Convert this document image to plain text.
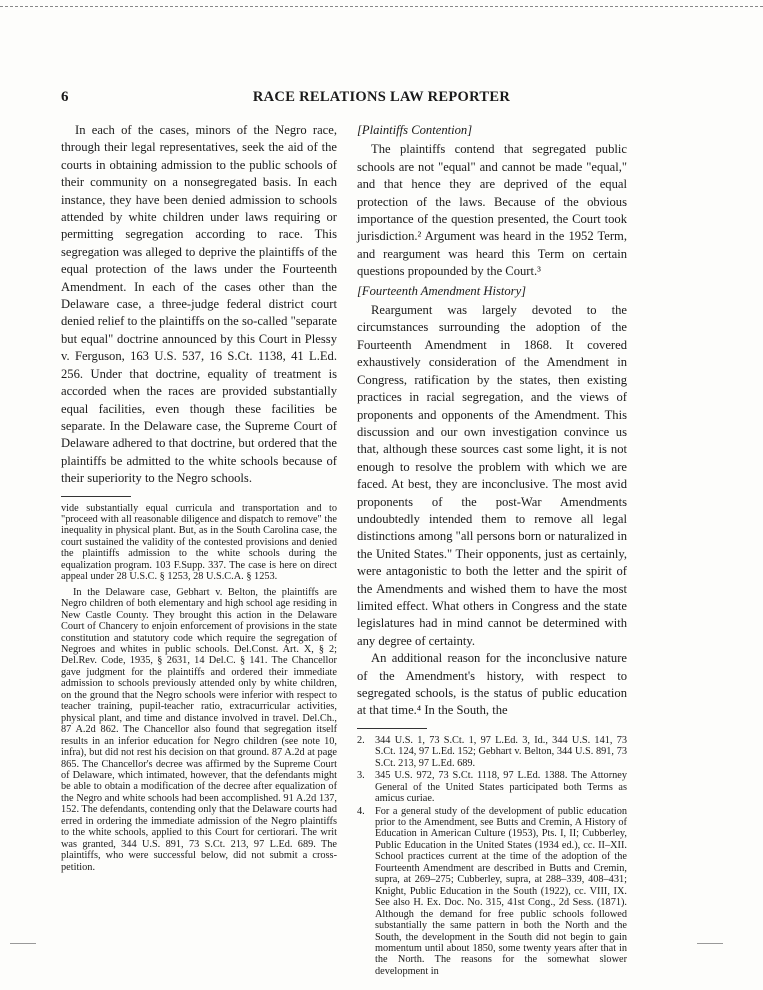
6	RACE RELATIONS LAW REPORTER

In each of the cases, minors of the Negro race, through their legal representatives, seek the aid of the courts in obtaining admission to the public schools of their community on a nonsegregated basis. In each instance, they have been denied admission to schools attended by white children under laws requiring or permitting segregation according to race. This segregation was alleged to deprive the plaintiffs of the equal protection of the laws under the Fourteenth Amendment. In each of the cases other than the Delaware case, a three-judge federal district court denied relief to the plaintiffs on the so-called "separate but equal" doctrine announced by this Court in Plessy v. Ferguson, 163 U.S. 537, 16 S.Ct. 1138, 41 L.Ed. 256. Under that doctrine, equality of treatment is accorded when the races are provided substantially equal facilities, even though these facilities be separate. In the Delaware case, the Supreme Court of Delaware adhered to that doctrine, but ordered that the plaintiffs be admitted to the white schools because of their superiority to the Negro schools.

vide substantially equal curricula and transportation and to "proceed with all reasonable diligence and dispatch to remove" the inequality in physical plant. But, as in the South Carolina case, the court sustained the validity of the contested provisions and denied the plaintiffs admission to the white schools during the equalization program. 103 F.Supp. 337. The case is here on direct appeal under 28 U.S.C. § 1253, 28 U.S.C.A. § 1253.

In the Delaware case, Gebhart v. Belton, the plaintiffs are Negro children of both elementary and high school age residing in New Castle County. They brought this action in the Delaware Court of Chancery to enjoin enforcement of provisions in the state constitution and statutory code which require the segregation of Negroes and whites in public schools. Del.Const. Art. X, § 2; Del.Rev. Code, 1935, § 2631, 14 Del.C. § 141. The Chancellor gave judgment for the plaintiffs and ordered their immediate admission to schools previously attended only by white children, on the ground that the Negro schools were inferior with respect to teacher training, pupil-teacher ratio, extracurricular activities, physical plant, and time and distance involved in travel. Del.Ch., 87 A.2d 862. The Chancellor also found that segregation itself results in an inferior education for Negro children (see note 10, infra), but did not rest his decision on that ground. 87 A.2d at page 865. The Chancellor's decree was affirmed by the Supreme Court of Delaware, which intimated, however, that the defendants might be able to obtain a modification of the decree after equalization of the Negro and white schools had been accomplished. 91 A.2d 137, 152. The defendants, contending only that the Delaware courts had erred in ordering the immediate admission of the Negro plaintiffs to the white schools, applied to this Court for certiorari. The writ was granted, 344 U.S. 891, 73 S.Ct. 213, 97 L.Ed. 689. The plaintiffs, who were successful below, did not submit a cross-petition.

[Plaintiffs Contention]

The plaintiffs contend that segregated public schools are not "equal" and cannot be made "equal," and that hence they are deprived of the equal protection of the laws. Because of the obvious importance of the question presented, the Court took jurisdiction.² Argument was heard in the 1952 Term, and reargument was heard this Term on certain questions propounded by the Court.³

[Fourteenth Amendment History]

Reargument was largely devoted to the circumstances surrounding the adoption of the Fourteenth Amendment in 1868. It covered exhaustively consideration of the Amendment in Congress, ratification by the states, then existing practices in racial segregation, and the views of proponents and opponents of the Amendment. This discussion and our own investigation convince us that, although these sources cast some light, it is not enough to resolve the problem with which we are faced. At best, they are inconclusive. The most avid proponents of the post-War Amendments undoubtedly intended them to remove all legal distinctions among "all persons born or naturalized in the United States." Their opponents, just as certainly, were antagonistic to both the letter and the spirit of the Amendments and wished them to have the most limited effect. What others in Congress and the state legislatures had in mind cannot be determined with any degree of certainty.

An additional reason for the inconclusive nature of the Amendment's history, with respect to segregated schools, is the status of public education at that time.⁴ In the South, the

2. 344 U.S. 1, 73 S.Ct. 1, 97 L.Ed. 3, Id., 344 U.S. 141, 73 S.Ct. 124, 97 L.Ed. 152; Gebhart v. Belton, 344 U.S. 891, 73 S.Ct. 213, 97 L.Ed. 689.
3. 345 U.S. 972, 73 S.Ct. 1118, 97 L.Ed. 1388. The Attorney General of the United States participated both Terms as amicus curiae.
4. For a general study of the development of public education prior to the Amendment, see Butts and Cremin, A History of Education in American Culture (1953), Pts. I, II; Cubberley, Public Education in the United States (1934 ed.), cc. II–XII. School practices current at the time of the adoption of the Fourteenth Amendment are described in Butts and Cremin, supra, at 269–275; Cubberley, supra, at 288–339, 408–431; Knight, Public Education in the South (1922), cc. VIII, IX. See also H. Ex. Doc. No. 315, 41st Cong., 2d Sess. (1871). Although the demand for free public schools followed substantially the same pattern in both the North and the South, the development in the South did not begin to gain momentum until about 1850, some twenty years after that in the North. The reasons for the somewhat slower development in
